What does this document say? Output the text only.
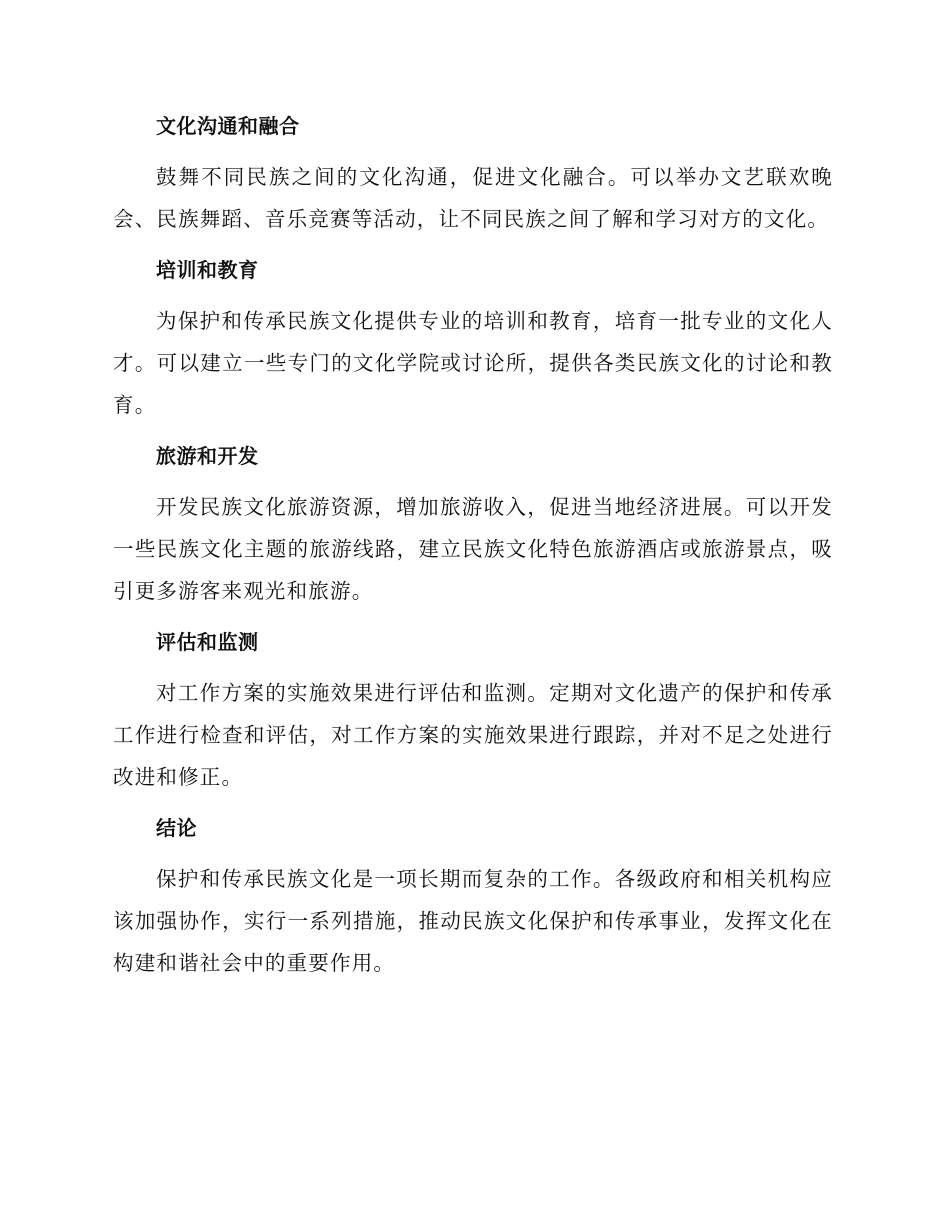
文化沟通和融合

鼓舞不同民族之间的文化沟通，促进文化融合。可以举办文艺联欢晚会、民族舞蹈、音乐竞赛等活动，让不同民族之间了解和学习对方的文化。

培训和教育

为保护和传承民族文化提供专业的培训和教育，培育一批专业的文化人才。可以建立一些专门的文化学院或讨论所，提供各类民族文化的讨论和教育。

旅游和开发

开发民族文化旅游资源，增加旅游收入，促进当地经济进展。可以开发一些民族文化主题的旅游线路，建立民族文化特色旅游酒店或旅游景点，吸引更多游客来观光和旅游。

评估和监测

对工作方案的实施效果进行评估和监测。定期对文化遗产的保护和传承工作进行检查和评估，对工作方案的实施效果进行跟踪，并对不足之处进行改进和修正。

结论

保护和传承民族文化是一项长期而复杂的工作。各级政府和相关机构应该加强协作，实行一系列措施，推动民族文化保护和传承事业，发挥文化在构建和谐社会中的重要作用。
